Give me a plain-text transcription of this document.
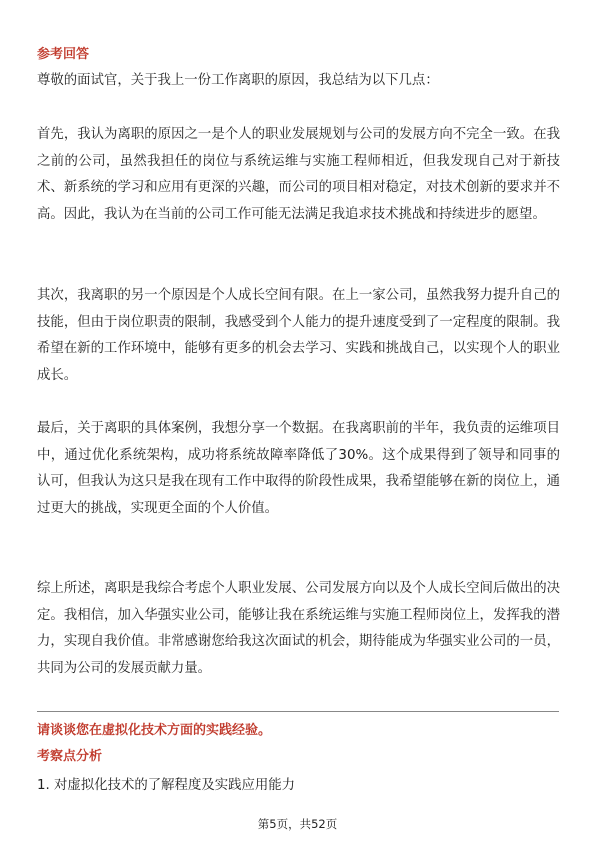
参考回答
尊敬的面试官，关于我上一份工作离职的原因，我总结为以下几点：
首先，我认为离职的原因之一是个人的职业发展规划与公司的发展方向不完全一致。在我之前的公司，虽然我担任的岗位与系统运维与实施工程师相近，但我发现自己对于新技术、新系统的学习和应用有更深的兴趣，而公司的项目相对稳定，对技术创新的要求并不高。因此，我认为在当前的公司工作可能无法满足我追求技术挑战和持续进步的愿望。
其次，我离职的另一个原因是个人成长空间有限。在上一家公司，虽然我努力提升自己的技能，但由于岗位职责的限制，我感受到个人能力的提升速度受到了一定程度的限制。我希望在新的工作环境中，能够有更多的机会去学习、实践和挑战自己，以实现个人的职业成长。
最后，关于离职的具体案例，我想分享一个数据。在我离职前的半年，我负责的运维项目中，通过优化系统架构，成功将系统故障率降低了30%。这个成果得到了领导和同事的认可，但我认为这只是我在现有工作中取得的阶段性成果，我希望能够在新的岗位上，通过更大的挑战，实现更全面的个人价值。
综上所述，离职是我综合考虑个人职业发展、公司发展方向以及个人成长空间后做出的决定。我相信，加入华强实业公司，能够让我在系统运维与实施工程师岗位上，发挥我的潜力，实现自我价值。非常感谢您给我这次面试的机会，期待能成为华强实业公司的一员，共同为公司的发展贡献力量。
请谈谈您在虚拟化技术方面的实践经验。
考察点分析
1. 对虚拟化技术的了解程度及实践应用能力
第5页，共52页
